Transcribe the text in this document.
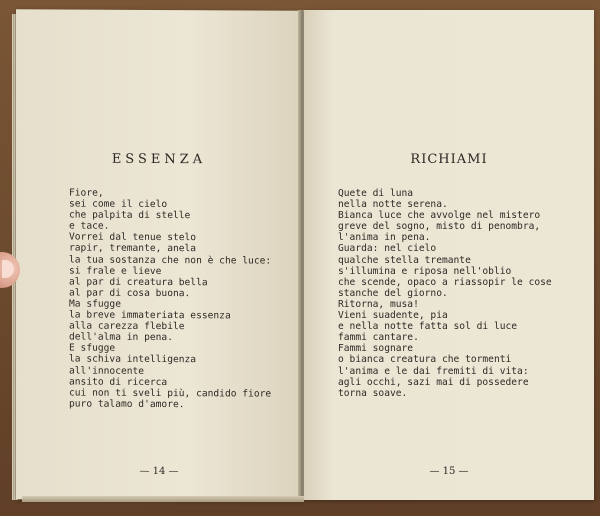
ESSENZA
Fiore,
sei come il cielo
che palpita di stelle
e tace.
Vorrei dal tenue stelo
rapir, tremante, anela
la tua sostanza che non è che luce:
si frale e lieve
al par di creatura bella
al par di cosa buona.
Ma sfugge
la breve immateriata essenza
alla carezza flebile
dell'alma in pena.
E sfugge
la schiva intelligenza
all'innocente
ansito di ricerca
cui non ti sveli più, candido fiore
puro talamo d'amore.
— 14 —
RICHIAMI
Quete di luna
nella notte serena.
Bianca luce che avvolge nel mistero
greve del sogno, misto di penombra,
l'anima in pena.
Guarda: nel cielo
qualche stella tremante
s'illumina e riposa nell'oblio
che scende, opaco a riassopir le cose
stanche del giorno.
Ritorna, musa!
Vieni suadente, pia
e nella notte fatta sol di luce
fammi cantare.
Fammi sognare
o bianca creatura che tormenti
l'anima e le dai fremiti di vita:
agli occhi, sazi mai di possedere
torna soave.
— 15 —
